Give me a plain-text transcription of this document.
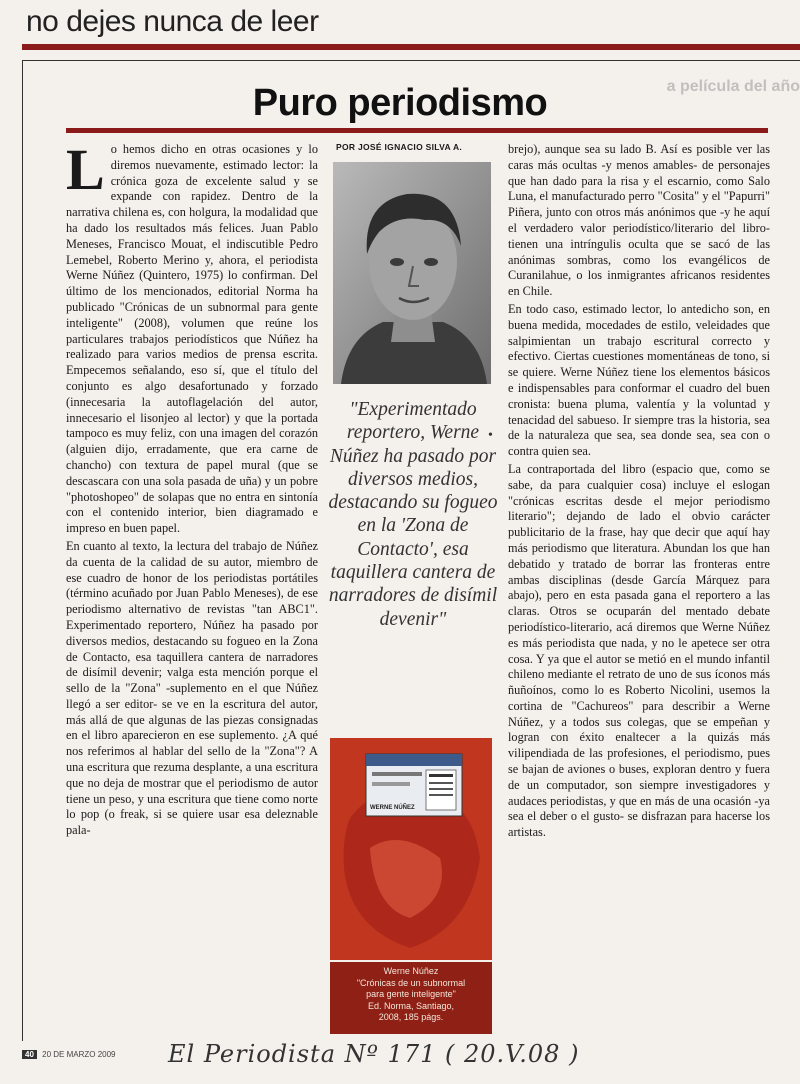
no dejes nunca de leer
a película del año
Puro periodismo

Lo hemos dicho en otras ocasiones y lo diremos nuevamente, estimado lector: la crónica goza de excelente salud y se expande con rapidez. Dentro de la narrativa chilena es, con holgura, la modalidad que ha dado los resultados más felices. Juan Pablo Meneses, Francisco Mouat, el indiscutible Pedro Lemebel, Roberto Merino y, ahora, el periodista Werne Núñez (Quintero, 1975) lo confirman. Del último de los mencionados, editorial Norma ha publicado "Crónicas de un subnormal para gente inteligente" (2008), volumen que reúne los particulares trabajos periodísticos que Núñez ha realizado para varios medios de prensa escrita. Empecemos señalando, eso sí, que el título del conjunto es algo desafortunado y forzado (innecesaria la autoflagelación del autor, innecesario el lisonjeo al lector) y que la portada tampoco es muy feliz, con una imagen del corazón (alguien dijo, erradamente, que era carne de chancho) con textura de papel mural (que se descascara con una sola pasada de uña) y un pobre "photoshopeo" de solapas que no entra en sintonía con el contenido interior, bien diagramado e impreso en buen papel.

En cuanto al texto, la lectura del trabajo de Núñez da cuenta de la calidad de su autor, miembro de ese cuadro de honor de los periodistas portátiles (término acuñado por Juan Pablo Meneses), de ese periodismo alternativo de revistas "tan ABC1". Experimentado reportero, Núñez ha pasado por diversos medios, destacando su fogueo en la Zona de Contacto, esa taquillera cantera de narradores de disímil devenir; valga esta mención porque el sello de la "Zona" -suplemento en el que Núñez llegó a ser editor- se ve en la escritura del autor, más allá de que algunas de las piezas consignadas en el libro aparecieron en ese suplemento. ¿A qué nos referimos al hablar del sello de la "Zona"? A una escritura que rezuma desplante, a una escritura que no deja de mostrar que el periodismo de autor tiene un peso, y una escritura que tiene como norte lo pop (o freak, si se quiere usar esa deleznable pala-

POR JOSÉ IGNACIO SILVA A.
"Experimentado reportero, Werne Núñez ha pasado por diversos medios, destacando su fogueo en la 'Zona de Contacto', esa taquillera cantera de narradores de disímil devenir"
•
WERNE NÚÑEZ
Werne Núñez
"Crónicas de un subnormal
para gente inteligente"
Ed. Norma, Santiago,
2008, 185 págs.

brejo), aunque sea su lado B. Así es posible ver las caras más ocultas -y menos amables- de personajes que han dado para la risa y el escarnio, como Salo Luna, el manufacturado perro "Cosita" y el "Papurri" Piñera, junto con otros más anónimos que -y he aquí el verdadero valor periodístico/literario del libro- tienen una intríngulis oculta que se sacó de las anónimas sombras, como los evangélicos de Curanilahue, o los inmigrantes africanos residentes en Chile.

En todo caso, estimado lector, lo antedicho son, en buena medida, mocedades de estilo, veleidades que salpimientan un trabajo escritural correcto y efectivo. Ciertas cuestiones momentáneas de tono, si se quiere. Werne Núñez tiene los elementos básicos e indispensables para conformar el cuadro del buen cronista: buena pluma, valentía y la voluntad y tenacidad del sabueso. Ir siempre tras la historia, sea de la naturaleza que sea, sea donde sea, sea con o contra quien sea.

La contraportada del libro (espacio que, como se sabe, da para cualquier cosa) incluye el eslogan "crónicas escritas desde el mejor periodismo literario"; dejando de lado el obvio carácter publicitario de la frase, hay que decir que aquí hay más periodismo que literatura. Abundan los que han debatido y tratado de borrar las fronteras entre ambas disciplinas (desde García Márquez para abajo), pero en esta pasada gana el reportero a las claras. Otros se ocuparán del mentado debate periodístico-literario, acá diremos que Werne Núñez es más periodista que nada, y no le apetece ser otra cosa. Y ya que el autor se metió en el mundo infantil chileno mediante el retrato de uno de sus íconos más ñuñoínos, como lo es Roberto Nicolini, usemos la cortina de "Cachureos" para describir a Werne Núñez, y a todos sus colegas, que se empeñan y logran con éxito enaltecer a la quizás más vilipendiada de las profesiones, el periodismo, pues se bajan de aviones o buses, exploran dentro y fuera de un computador, son siempre investigadores y audaces periodistas, y que en más de una ocasión -ya sea el deber o el gusto- se disfrazan para hacerse los artistas.

40 20 DE MARZO 2009 El Periodista Nº 171 ( 20.V.08 )
